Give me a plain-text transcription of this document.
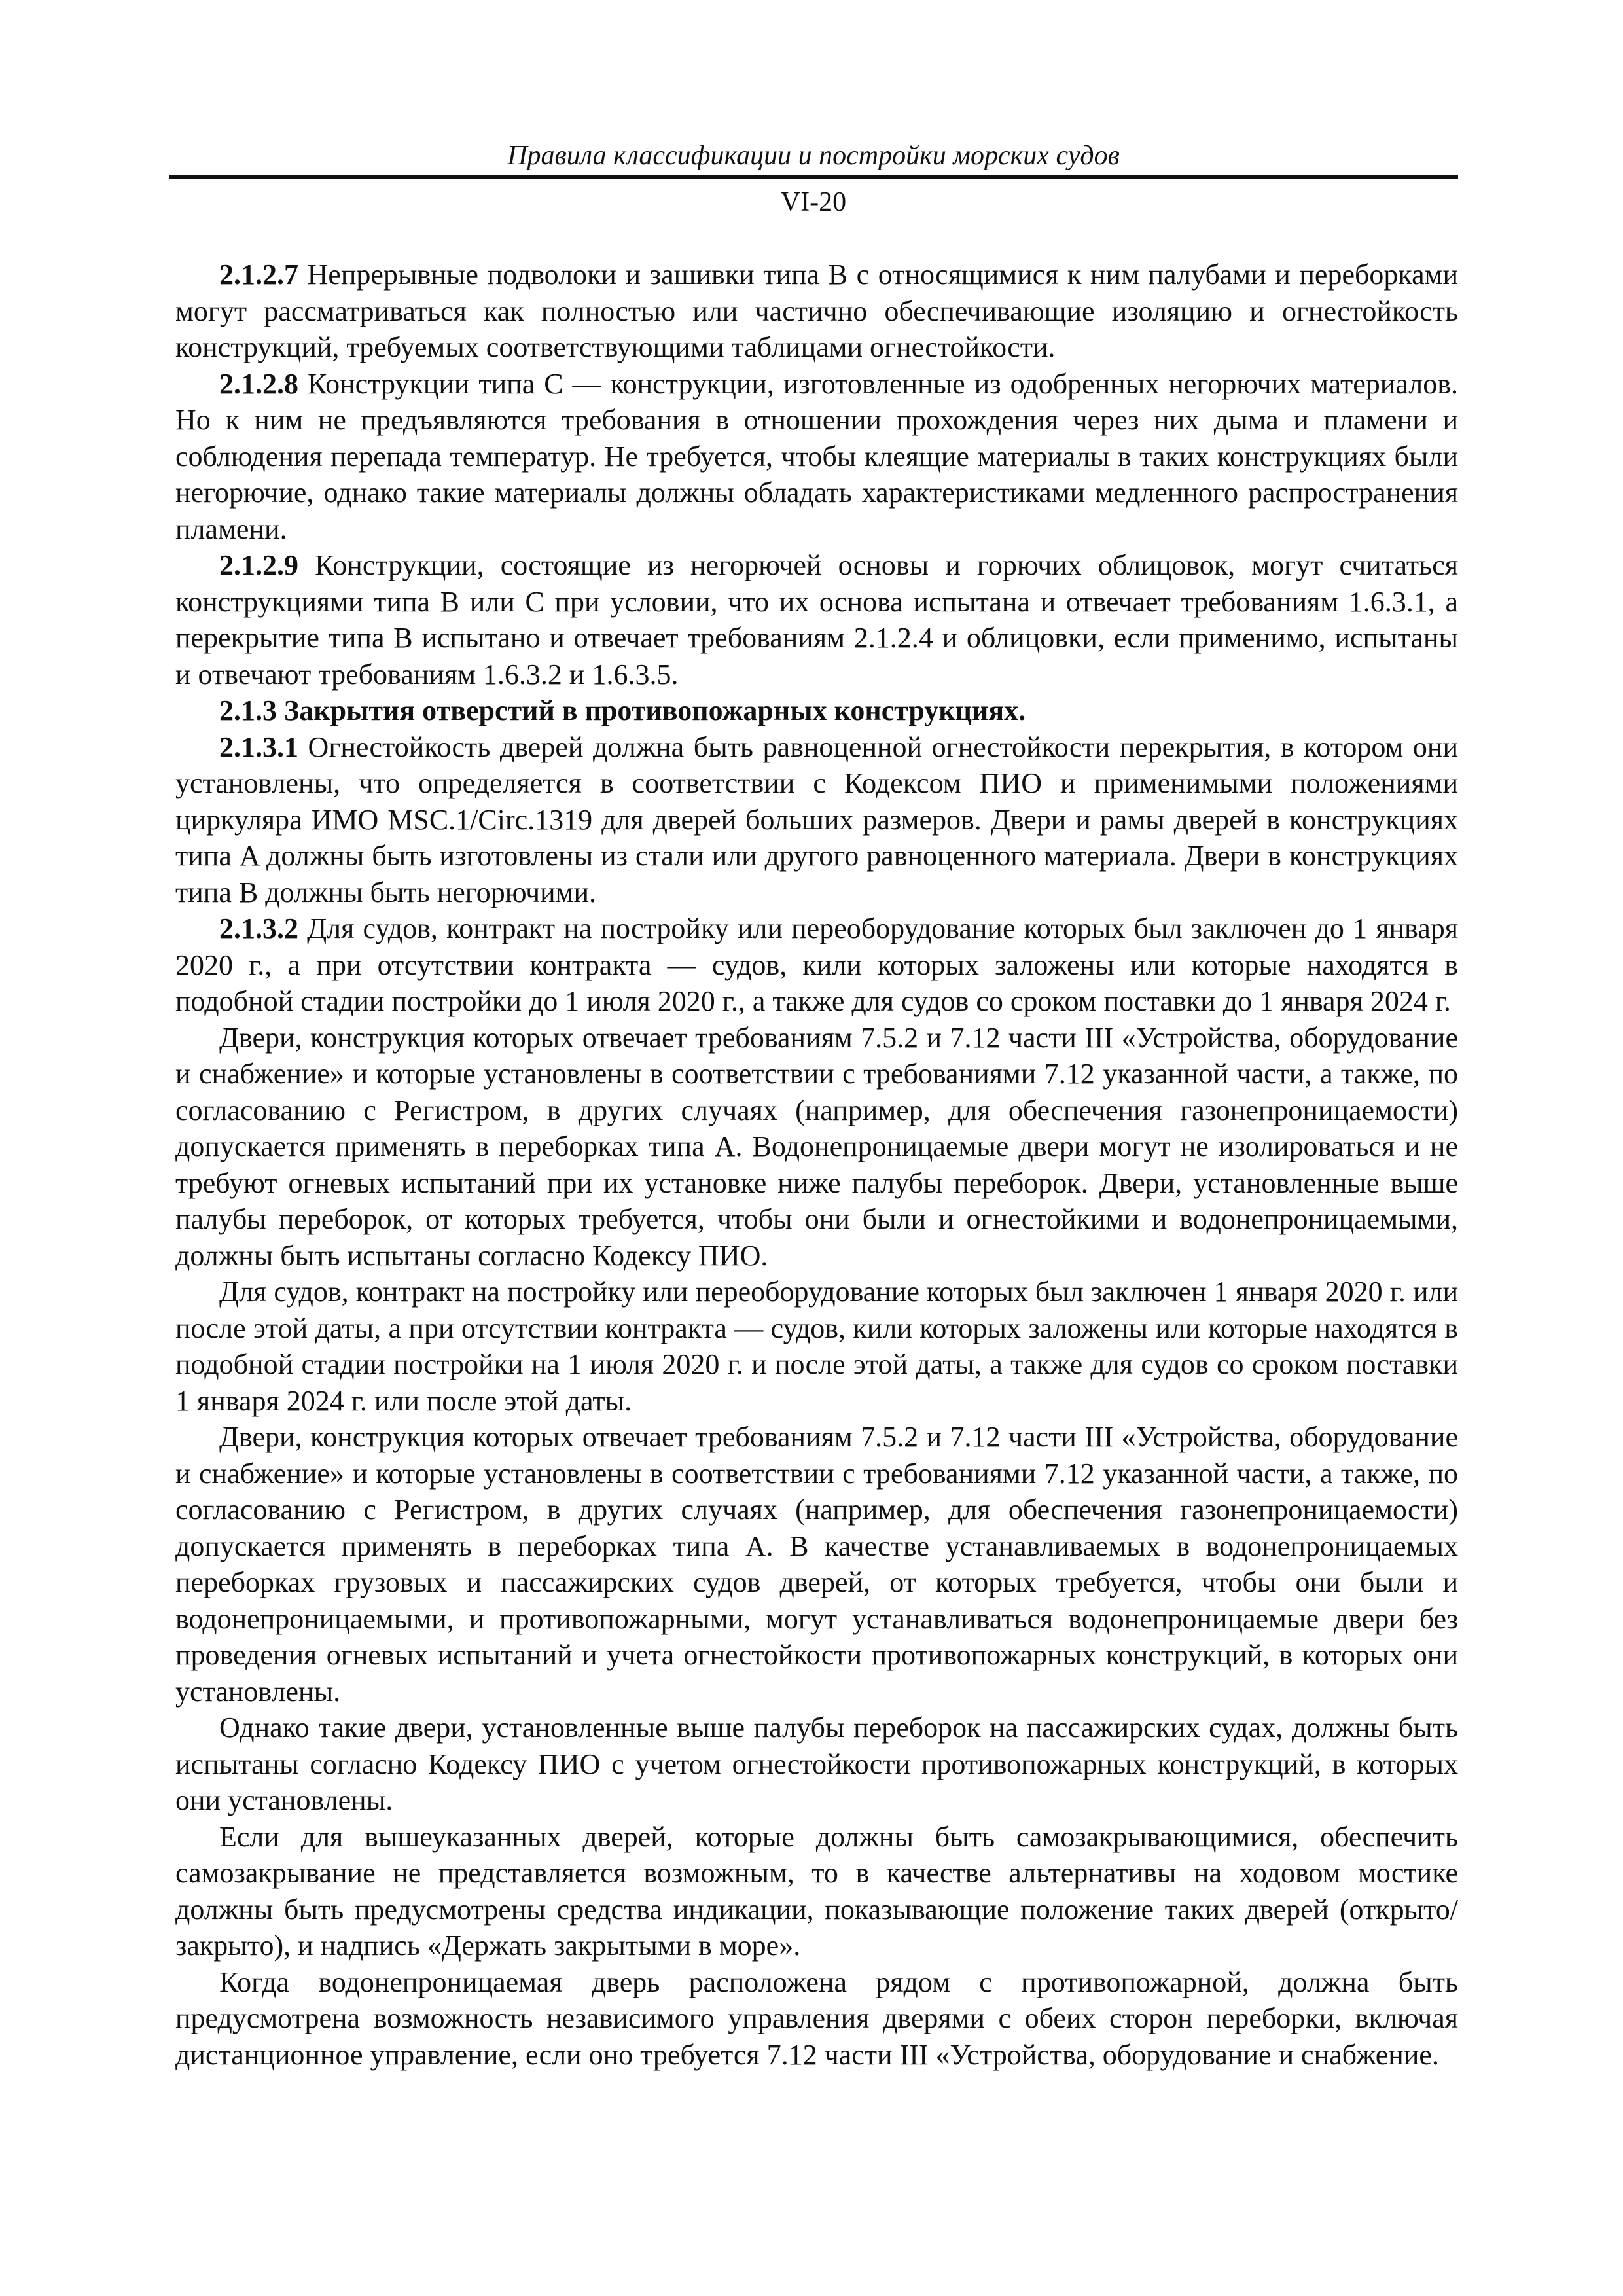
Правила классификации и постройки морских судов
VI-20

2.1.2.7 Непрерывные подволоки и зашивки типа B с относящимися к ним палубами и переборками могут рассматриваться как полностью или частично обеспечивающие изоляцию и огнестойкость конструкций, требуемых соответствующими таблицами огнестойкости.

2.1.2.8 Конструкции типа C — конструкции, изготовленные из одобренных негорючих материалов. Но к ним не предъявляются требования в отношении прохождения через них дыма и пламени и соблюдения перепада температур. Не требуется, чтобы клеящие материалы в таких конструкциях были негорючие, однако такие материалы должны обладать характеристиками медленного распространения пламени.

2.1.2.9 Конструкции, состоящие из негорючей основы и горючих облицовок, могут считаться конструкциями типа B или C при условии, что их основа испытана и отвечает требованиям 1.6.3.1, а перекрытие типа B испытано и отвечает требованиям 2.1.2.4 и облицовки, если применимо, испытаны и отвечают требованиям 1.6.3.2 и 1.6.3.5.

2.1.3 Закрытия отверстий в противопожарных конструкциях.

2.1.3.1 Огнестойкость дверей должна быть равноценной огнестойкости перекрытия, в котором они установлены, что определяется в соответствии с Кодексом ПИО и применимыми положениями циркуляра ИМО MSC.1/Circ.1319 для дверей больших размеров. Двери и рамы дверей в конструкциях типа A должны быть изготовлены из стали или другого равноценного материала. Двери в конструкциях типа B должны быть негорючими.

2.1.3.2 Для судов, контракт на постройку или переоборудование которых был заключен до 1 января 2020 г., а при отсутствии контракта — судов, кили которых заложены или которые находятся в подобной стадии постройки до 1 июля 2020 г., а также для судов со сроком поставки до 1 января 2024 г.

Двери, конструкция которых отвечает требованиям 7.5.2 и 7.12 части III «Устройства, оборудование и снабжение» и которые установлены в соответствии с требованиями 7.12 указанной части, а также, по согласованию с Регистром, в других случаях (например, для обеспечения газонепроницаемости) допускается применять в переборках типа A. Водонепроницаемые двери могут не изолироваться и не требуют огневых испытаний при их установке ниже палубы переборок. Двери, установленные выше палубы переборок, от которых требуется, чтобы они были и огнестойкими и водонепроницаемыми, должны быть испытаны согласно Кодексу ПИО.

Для судов, контракт на постройку или переоборудование которых был заключен 1 января 2020 г. или после этой даты, а при отсутствии контракта — судов, кили которых заложены или которые находятся в подобной стадии постройки на 1 июля 2020 г. и после этой даты, а также для судов со сроком поставки 1 января 2024 г. или после этой даты.

Двери, конструкция которых отвечает требованиям 7.5.2 и 7.12 части III «Устройства, оборудование и снабжение» и которые установлены в соответствии с требованиями 7.12 указанной части, а также, по согласованию с Регистром, в других случаях (например, для обеспечения газонепроницаемости) допускается применять в переборках типа A. В качестве устанавливаемых в водонепроницаемых переборках грузовых и пассажирских судов дверей, от которых требуется, чтобы они были и водонепроницаемыми, и противопожарными, могут устанавливаться водонепроницаемые двери без проведения огневых испытаний и учета огнестойкости противопожарных конструкций, в которых они установлены.

Однако такие двери, установленные выше палубы переборок на пассажирских судах, должны быть испытаны согласно Кодексу ПИО с учетом огнестойкости противопожарных конструкций, в которых они установлены.

Если для вышеуказанных дверей, которые должны быть самозакрывающимися, обеспечить самозакрывание не представляется возможным, то в качестве альтернативы на ходовом мостике должны быть предусмотрены средства индикации, показывающие положение таких дверей (открыто/закрыто), и надпись «Держать закрытыми в море».

Когда водонепроницаемая дверь расположена рядом с противопожарной, должна быть предусмотрена возможность независимого управления дверями с обеих сторон переборки, включая дистанционное управление, если оно требуется 7.12 части III «Устройства, оборудование и снабжение.
